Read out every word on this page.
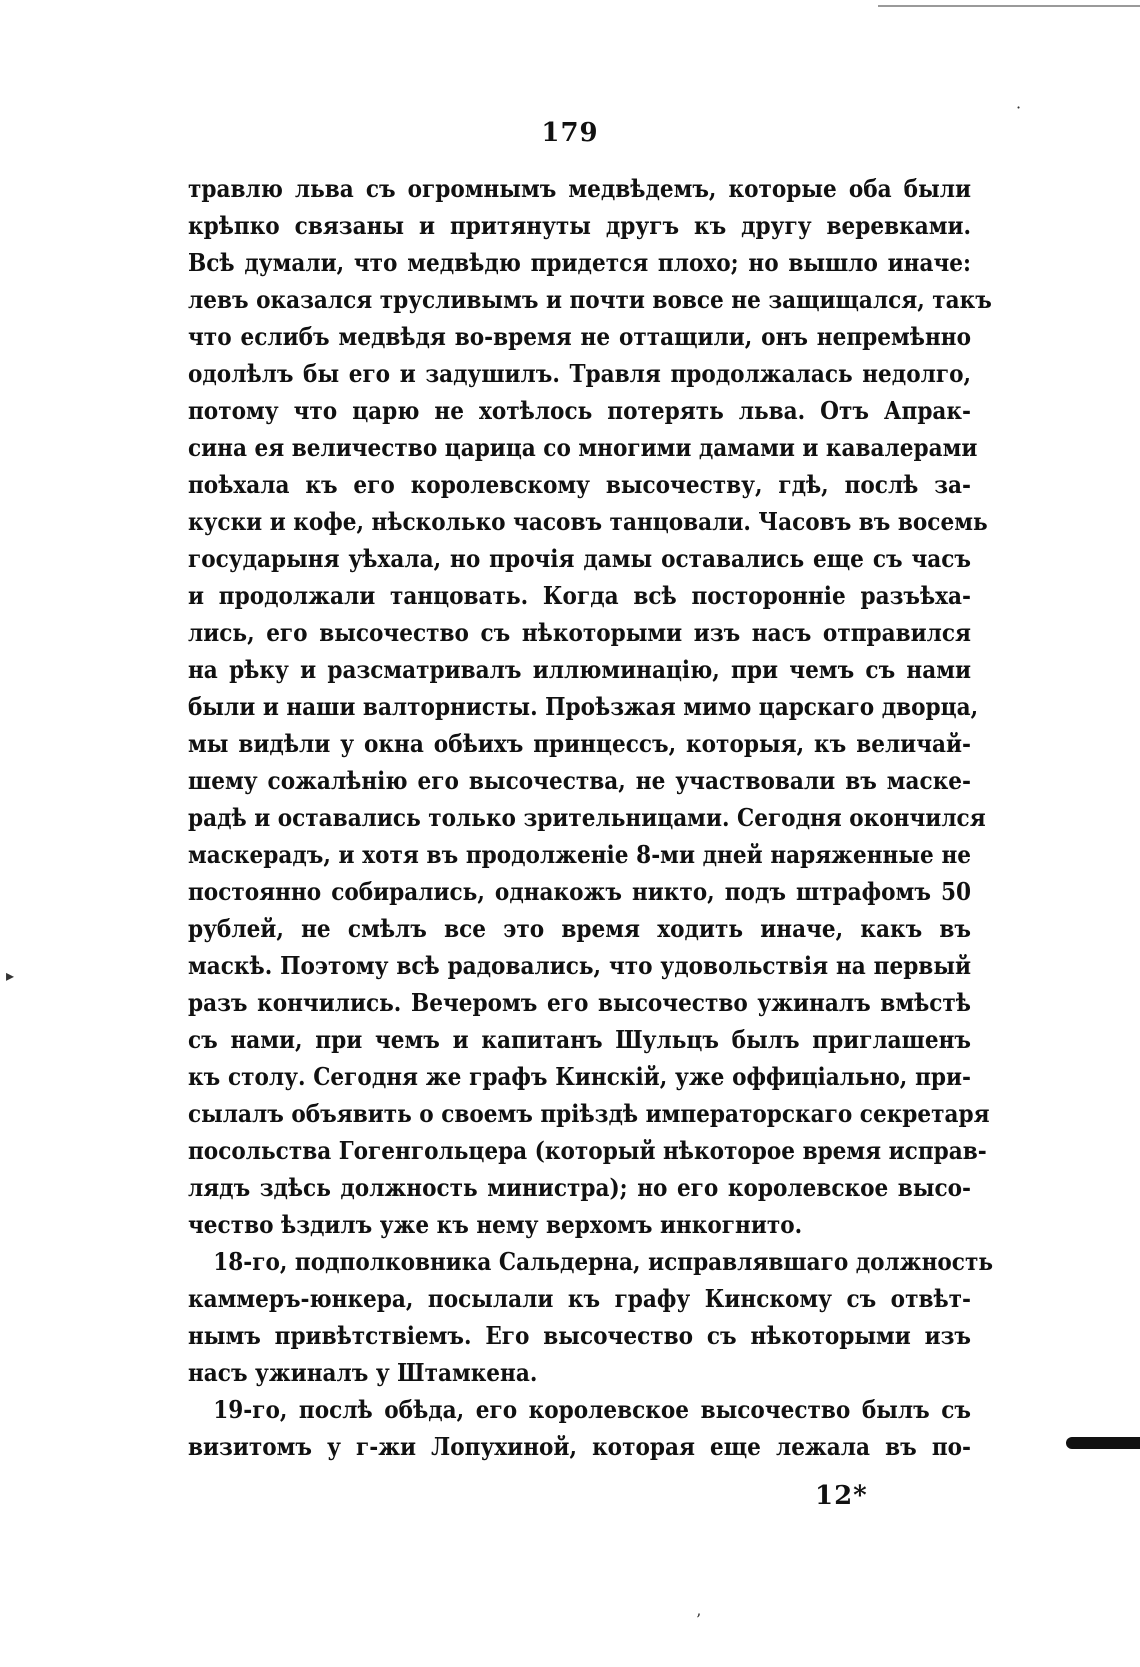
179
травлю льва съ огромнымъ медвѣдемъ, которые оба были
крѣпко связаны и притянуты другъ къ другу веревками.
Всѣ думали, что медвѣдю придется плохо; но вышло иначе:
левъ оказался трусливымъ и почти вовсе не защищался, такъ
что еслибъ медвѣдя во-время не оттащили, онъ непремѣнно
одолѣлъ бы его и задушилъ. Травля продолжалась недолго,
потому что царю не хотѣлось потерять льва. Отъ Апрак-
сина ея величество царица со многими дамами и кавалерами
поѣхала къ его королевскому высочеству, гдѣ, послѣ за-
куски и кофе, нѣсколько часовъ танцовали. Часовъ въ восемь
государыня уѣхала, но прочія дамы оставались еще съ часъ
и продолжали танцовать. Когда всѣ посторонніе разъѣха-
лись, его высочество съ нѣкоторыми изъ насъ отправился
на рѣку и разсматривалъ иллюминацію, при чемъ съ нами
были и наши валторнисты. Проѣзжая мимо царскаго дворца,
мы видѣли у окна обѣихъ принцессъ, которыя, къ величай-
шему сожалѣнію его высочества, не участвовали въ маске-
радѣ и оставались только зрительницами. Сегодня окончился
маскерадъ, и хотя въ продолженіе 8-ми дней наряженные не
постоянно собирались, однакожъ никто, подъ штрафомъ 50
рублей, не смѣлъ все это время ходить иначе, какъ въ
маскѣ. Поэтому всѣ радовались, что удовольствія на первый
разъ кончились. Вечеромъ его высочество ужиналъ вмѣстѣ
съ нами, при чемъ и капитанъ Шульцъ былъ приглашенъ
къ столу. Сегодня же графъ Кинскій, уже оффиціально, при-
сылалъ объявить о своемъ пріѣздѣ императорскаго секретаря
посольства Гогенгольцера (который нѣкоторое время исправ-
лядъ здѣсь должность министра); но его королевское высо-
чество ѣздилъ уже къ нему верхомъ инкогнито.
18-го, подполковника Сальдерна, исправлявшаго должность
каммеръ-юнкера, посылали къ графу Кинскому съ отвѣт-
нымъ привѣтствіемъ. Его высочество съ нѣкоторыми изъ
насъ ужиналъ у Штамкена.
19-го, послѣ обѣда, его королевское высочество былъ съ
визитомъ у г-жи Лопухиной, которая еще лежала въ по-
12*
▸
·
’
